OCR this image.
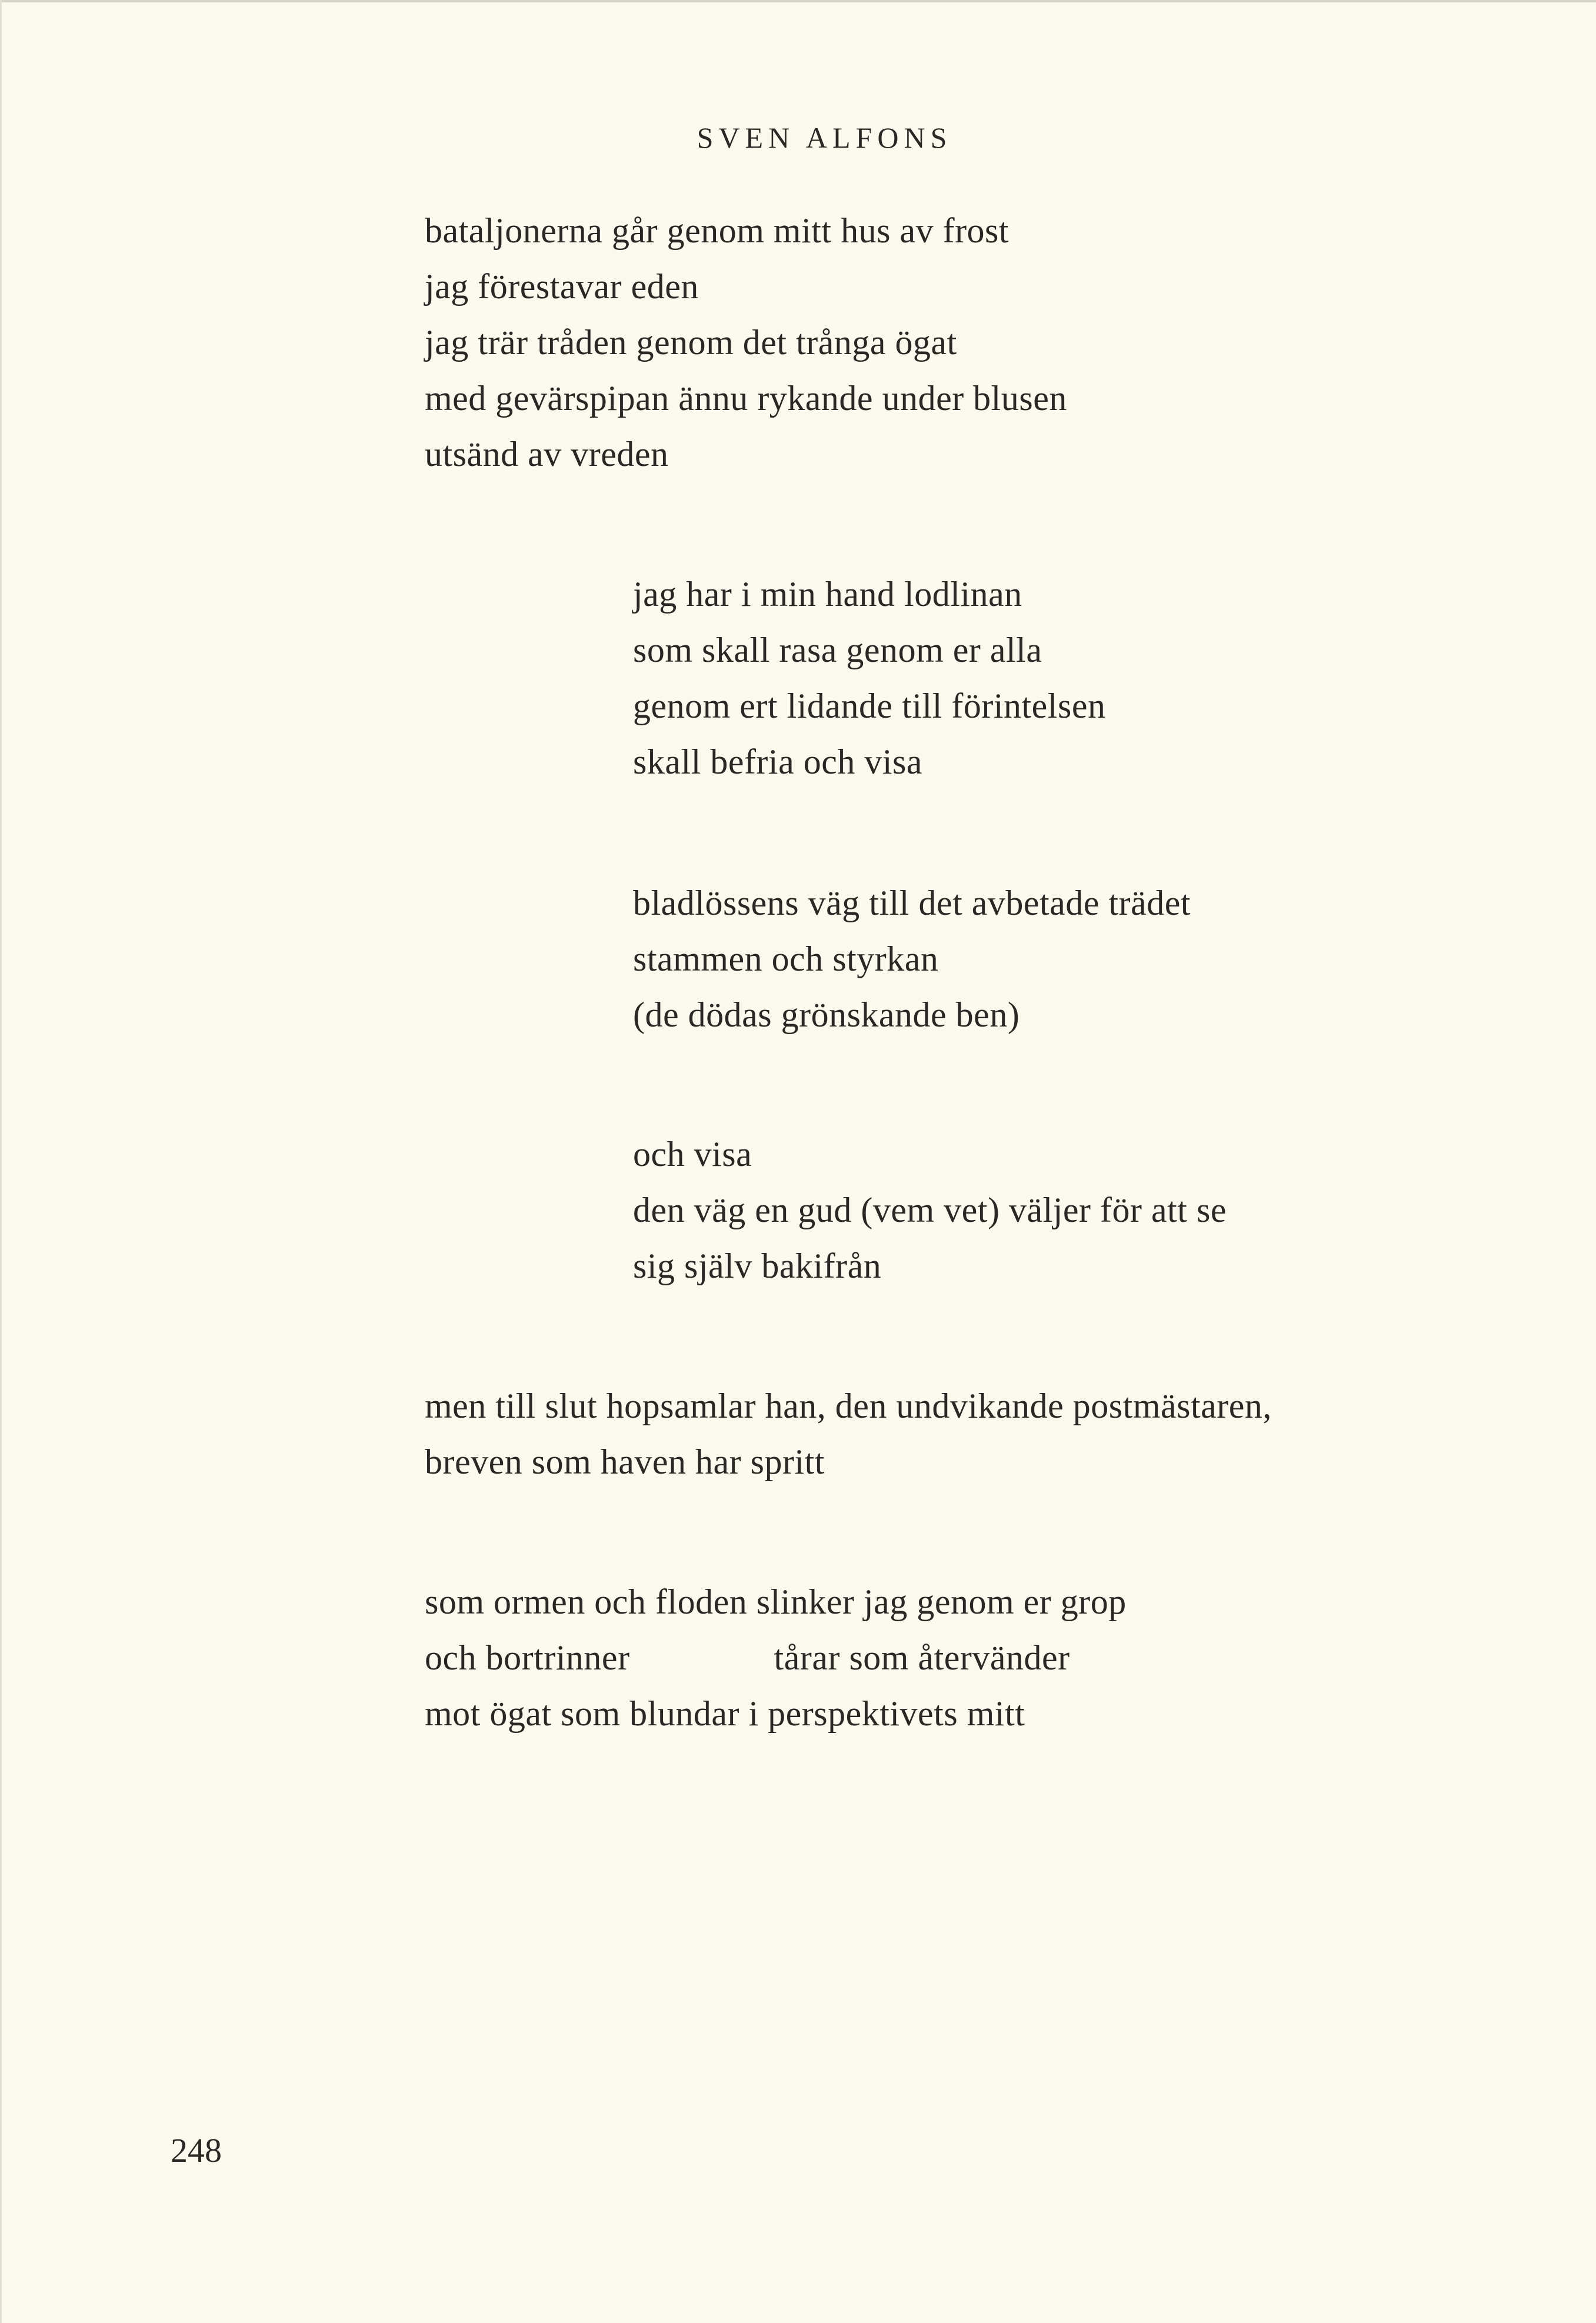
SVEN ALFONS
bataljonerna går genom mitt hus av frost
jag förestavar eden
jag trär tråden genom det trånga ögat
med gevärspipan ännu rykande under blusen
utsänd av vreden
jag har i min hand lodlinan
som skall rasa genom er alla
genom ert lidande till förintelsen
skall befria och visa
bladlössens väg till det avbetade trädet
stammen och styrkan
(de dödas grönskande ben)
och visa
den väg en gud (vem vet) väljer för att se
sig själv bakifrån
men till slut hopsamlar han, den undvikande postmästaren,
breven som haven har spritt
som ormen och floden slinker jag genom er grop
och bortrinner	tårar som återvänder
mot ögat som blundar i perspektivets mitt
248
